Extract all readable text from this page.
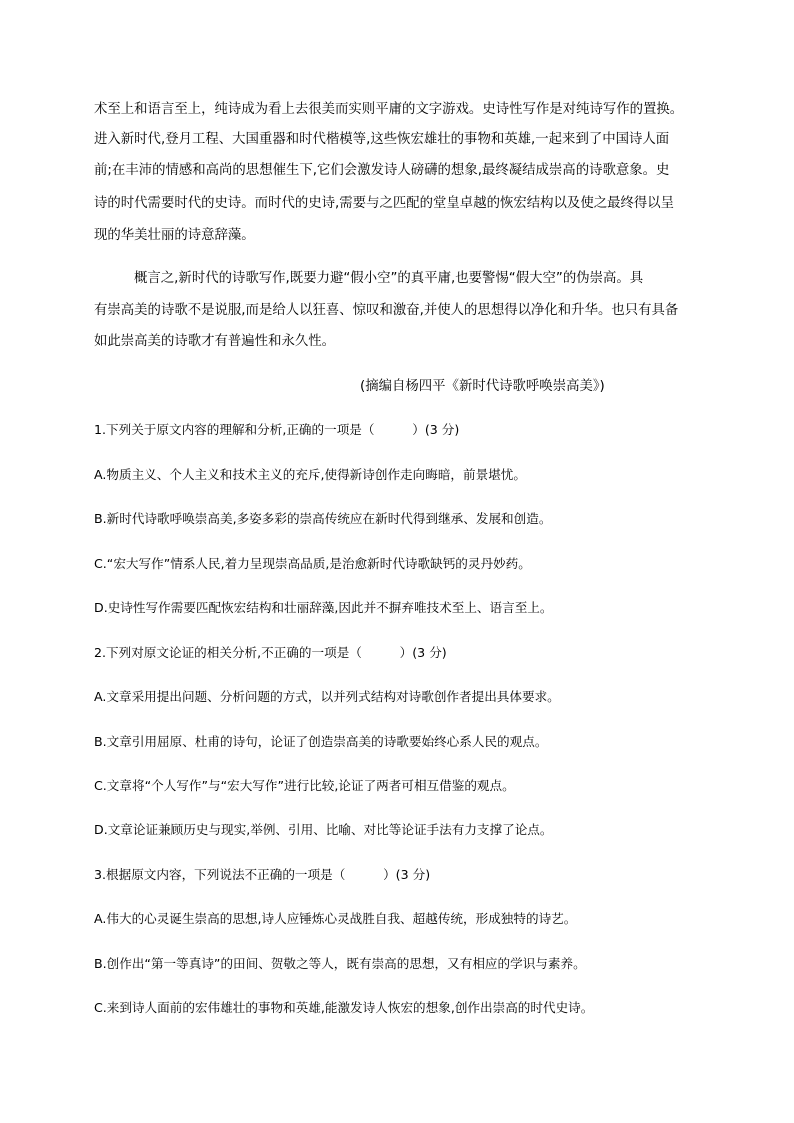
术至上和语言至上，纯诗成为看上去很美而实则平庸的文字游戏。史诗性写作是对纯诗写作的置换。
进入新时代,登月工程、大国重器和时代楷模等,这些恢宏雄壮的事物和英雄,一起来到了中国诗人面
前;在丰沛的情感和高尚的思想催生下,它们会激发诗人磅礴的想象,最终凝结成崇高的诗歌意象。史
诗的时代需要时代的史诗。而时代的史诗,需要与之匹配的堂皇卓越的恢宏结构以及使之最终得以呈
现的华美壮丽的诗意辞藻。
概言之,新时代的诗歌写作,既要力避“假小空”的真平庸,也要警惕“假大空”的伪崇高。具
有崇高美的诗歌不是说服,而是给人以狂喜、惊叹和激奋,并使人的思想得以净化和升华。也只有具备
如此崇高美的诗歌才有普遍性和永久性。
(摘编自杨四平《新时代诗歌呼唤崇高美》)
1.下列关于原文内容的理解和分析,正确的一项是（　　　）(3 分)
A.物质主义、个人主义和技术主义的充斥,使得新诗创作走向晦暗，前景堪忧。
B.新时代诗歌呼唤崇高美,多姿多彩的崇高传统应在新时代得到继承、发展和创造。
C.“宏大写作”情系人民,着力呈现崇高品质,是治愈新时代诗歌缺钙的灵丹妙药。
D.史诗性写作需要匹配恢宏结构和壮丽辞藻,因此并不摒弃唯技术至上、语言至上。
2.下列对原文论证的相关分析,不正确的一项是（　　　）(3 分)
A.文章采用提出问题、分析问题的方式，以并列式结构对诗歌创作者提出具体要求。
B.文章引用屈原、杜甫的诗句，论证了创造崇高美的诗歌要始终心系人民的观点。
C.文章将“个人写作”与“宏大写作”进行比较,论证了两者可相互借鉴的观点。
D.文章论证兼顾历史与现实,举例、引用、比喻、对比等论证手法有力支撑了论点。
3.根据原文内容，下列说法不正确的一项是（　　　）(3 分)
A.伟大的心灵诞生崇高的思想,诗人应锤炼心灵战胜自我、超越传统，形成独特的诗艺。
B.创作出“第一等真诗”的田间、贺敬之等人，既有崇高的思想，又有相应的学识与素养。
C.来到诗人面前的宏伟雄壮的事物和英雄,能激发诗人恢宏的想象,创作出崇高的时代史诗。
